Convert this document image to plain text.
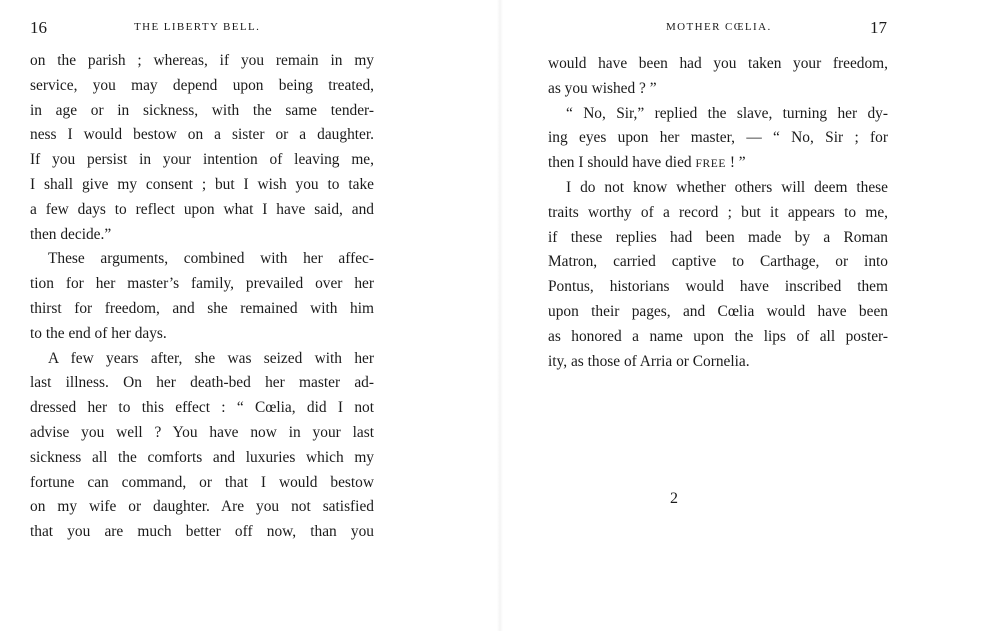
16	THE LIBERTY BELL.
on the parish ; whereas, if you remain in my
service, you may depend upon being treated,
in age or in sickness, with the same tender-
ness I would bestow on a sister or a daughter.
If you persist in your intention of leaving me,
I shall give my consent ; but I wish you to take
a few days to reflect upon what I have said, and
then decide.”
These arguments, combined with her affec-
tion for her master’s family, prevailed over her
thirst for freedom, and she remained with him
to the end of her days.
A few years after, she was seized with her
last illness. On her death-bed her master ad-
dressed her to this effect : “ Cœlia, did I not
advise you well ? You have now in your last
sickness all the comforts and luxuries which my
fortune can command, or that I would bestow
on my wife or daughter. Are you not satisfied
that you are much better off now, than you
MOTHER CŒLIA.	17
would have been had you taken your freedom,
as you wished ? ”
“ No, Sir,” replied the slave, turning her dy-
ing eyes upon her master, — “ No, Sir ; for
then I should have died FREE ! ”
I do not know whether others will deem these
traits worthy of a record ; but it appears to me,
if these replies had been made by a Roman
Matron, carried captive to Carthage, or into
Pontus, historians would have inscribed them
upon their pages, and Cœlia would have been
as honored a name upon the lips of all poster-
ity, as those of Arria or Cornelia.
2
